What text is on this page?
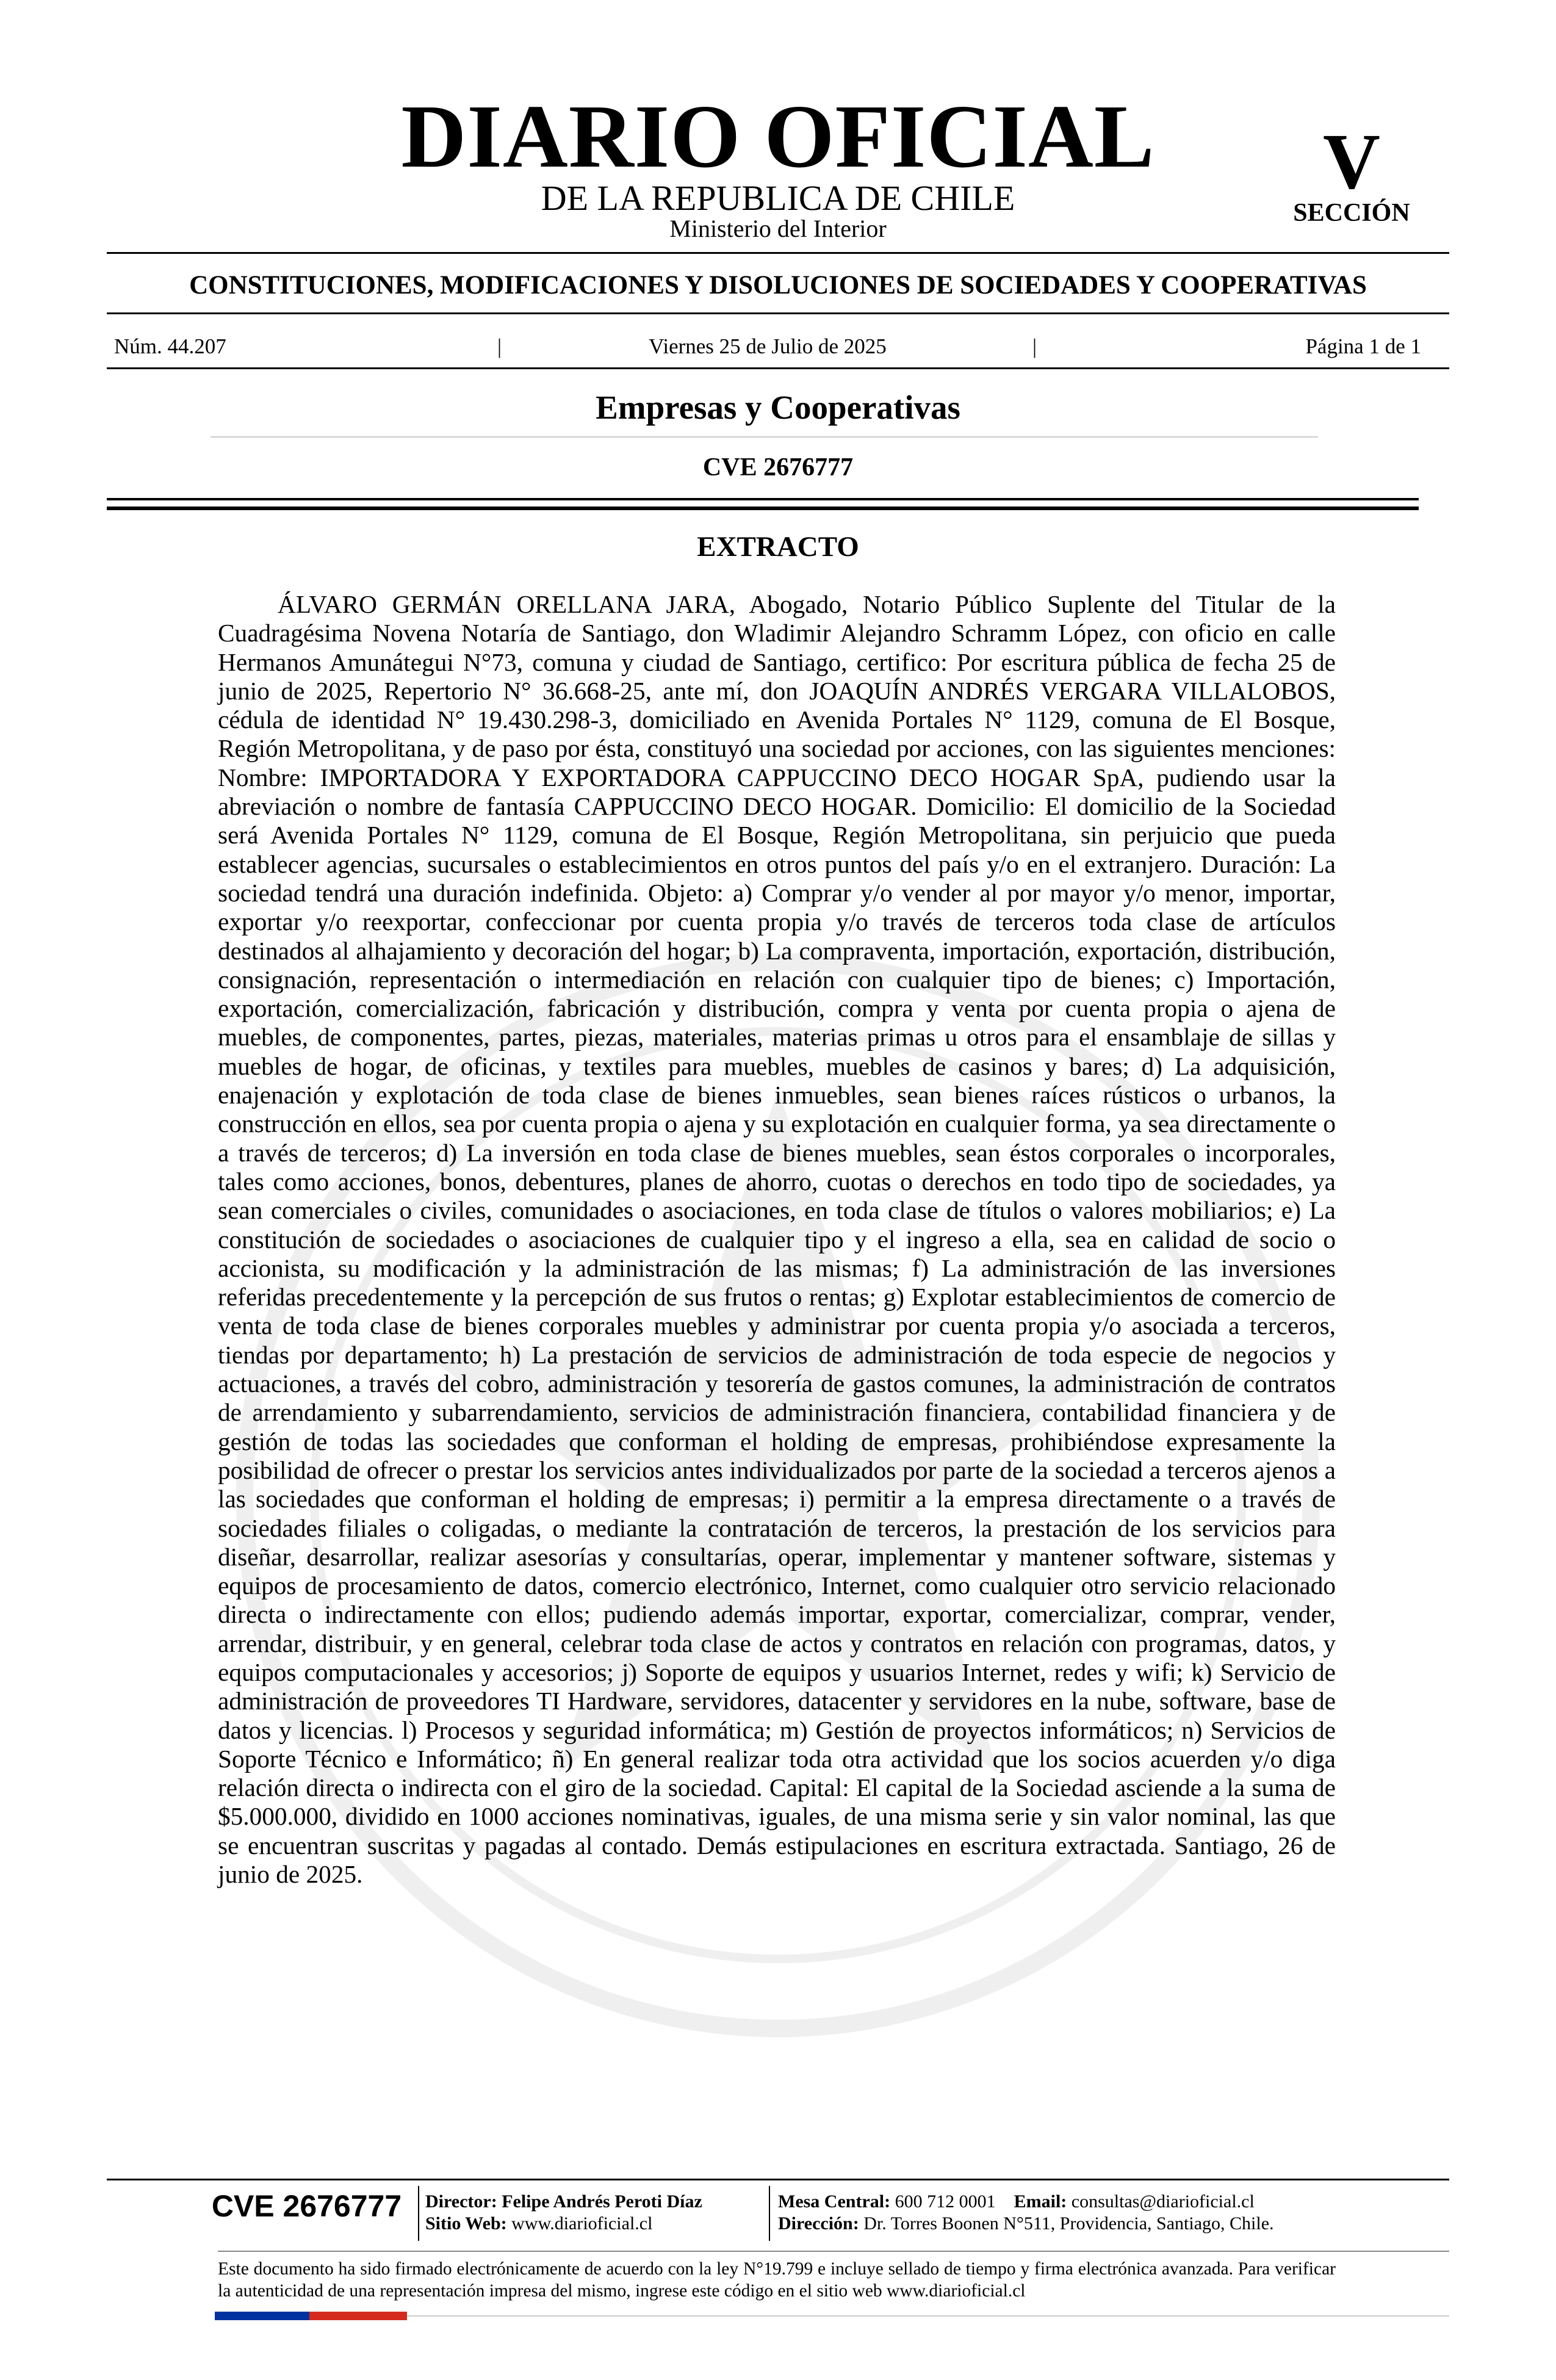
DIARIO OFICIAL
DE LA REPUBLICA DE CHILE
Ministerio del Interior
V
SECCIÓN
CONSTITUCIONES, MODIFICACIONES Y DISOLUCIONES DE SOCIEDADES Y COOPERATIVAS
Núm. 44.207	|	Viernes 25 de Julio de 2025	|	Página 1 de 1
Empresas y Cooperativas
CVE 2676777
EXTRACTO

ÁLVARO GERMÁN ORELLANA JARA, Abogado, Notario Público Suplente del Titular de la Cuadragésima Novena Notaría de Santiago, don Wladimir Alejandro Schramm López, con oficio en calle Hermanos Amunátegui N°73, comuna y ciudad de Santiago, certifico: Por escritura pública de fecha 25 de junio de 2025, Repertorio N° 36.668-25, ante mí, don JOAQUÍN ANDRÉS VERGARA VILLALOBOS, cédula de identidad N° 19.430.298-3, domiciliado en Avenida Portales N° 1129, comuna de El Bosque, Región Metropolitana, y de paso por ésta, constituyó una sociedad por acciones, con las siguientes menciones: Nombre: IMPORTADORA Y EXPORTADORA CAPPUCCINO DECO HOGAR SpA, pudiendo usar la abreviación o nombre de fantasía CAPPUCCINO DECO HOGAR. Domicilio: El domicilio de la Sociedad será Avenida Portales N° 1129, comuna de El Bosque, Región Metropolitana, sin perjuicio que pueda establecer agencias, sucursales o establecimientos en otros puntos del país y/o en el extranjero. Duración: La sociedad tendrá una duración indefinida. Objeto: a) Comprar y/o vender al por mayor y/o menor, importar, exportar y/o reexportar, confeccionar por cuenta propia y/o través de terceros toda clase de artículos destinados al alhajamiento y decoración del hogar; b) La compraventa, importación, exportación, distribución, consignación, representación o intermediación en relación con cualquier tipo de bienes; c) Importación, exportación, comercialización, fabricación y distribución, compra y venta por cuenta propia o ajena de muebles, de componentes, partes, piezas, materiales, materias primas u otros para el ensamblaje de sillas y muebles de hogar, de oficinas, y textiles para muebles, muebles de casinos y bares; d) La adquisición, enajenación y explotación de toda clase de bienes inmuebles, sean bienes raíces rústicos o urbanos, la construcción en ellos, sea por cuenta propia o ajena y su explotación en cualquier forma, ya sea directamente o a través de terceros; d) La inversión en toda clase de bienes muebles, sean éstos corporales o incorporales, tales como acciones, bonos, debentures, planes de ahorro, cuotas o derechos en todo tipo de sociedades, ya sean comerciales o civiles, comunidades o asociaciones, en toda clase de títulos o valores mobiliarios; e) La constitución de sociedades o asociaciones de cualquier tipo y el ingreso a ella, sea en calidad de socio o accionista, su modificación y la administración de las mismas; f) La administración de las inversiones referidas precedentemente y la percepción de sus frutos o rentas; g) Explotar establecimientos de comercio de venta de toda clase de bienes corporales muebles y administrar por cuenta propia y/o asociada a terceros, tiendas por departamento; h) La prestación de servicios de administración de toda especie de negocios y actuaciones, a través del cobro, administración y tesorería de gastos comunes, la administración de contratos de arrendamiento y subarrendamiento, servicios de administración financiera, contabilidad financiera y de gestión de todas las sociedades que conforman el holding de empresas, prohibiéndose expresamente la posibilidad de ofrecer o prestar los servicios antes individualizados por parte de la sociedad a terceros ajenos a las sociedades que conforman el holding de empresas; i) permitir a la empresa directamente o a través de sociedades filiales o coligadas, o mediante la contratación de terceros, la prestación de los servicios para diseñar, desarrollar, realizar asesorías y consultarías, operar, implementar y mantener software, sistemas y equipos de procesamiento de datos, comercio electrónico, Internet, como cualquier otro servicio relacionado directa o indirectamente con ellos; pudiendo además importar, exportar, comercializar, comprar, vender, arrendar, distribuir, y en general, celebrar toda clase de actos y contratos en relación con programas, datos, y equipos computacionales y accesorios; j) Soporte de equipos y usuarios Internet, redes y wifi; k) Servicio de administración de proveedores TI Hardware, servidores, datacenter y servidores en la nube, software, base de datos y licencias. l) Procesos y seguridad informática; m) Gestión de proyectos informáticos; n) Servicios de Soporte Técnico e Informático; ñ) En general realizar toda otra actividad que los socios acuerden y/o diga relación directa o indirecta con el giro de la sociedad. Capital: El capital de la Sociedad asciende a la suma de $5.000.000, dividido en 1000 acciones nominativas, iguales, de una misma serie y sin valor nominal, las que se encuentran suscritas y pagadas al contado. Demás estipulaciones en escritura extractada. Santiago, 26 de junio de 2025.

CVE 2676777	Director: Felipe Andrés Peroti Díaz
Sitio Web: www.diarioficial.cl
Mesa Central: 600 712 0001 Email: consultas@diarioficial.cl
Dirección: Dr. Torres Boonen N°511, Providencia, Santiago, Chile.

Este documento ha sido firmado electrónicamente de acuerdo con la ley N°19.799 e incluye sellado de tiempo y firma electrónica avanzada. Para verificar la autenticidad de una representación impresa del mismo, ingrese este código en el sitio web www.diarioficial.cl
